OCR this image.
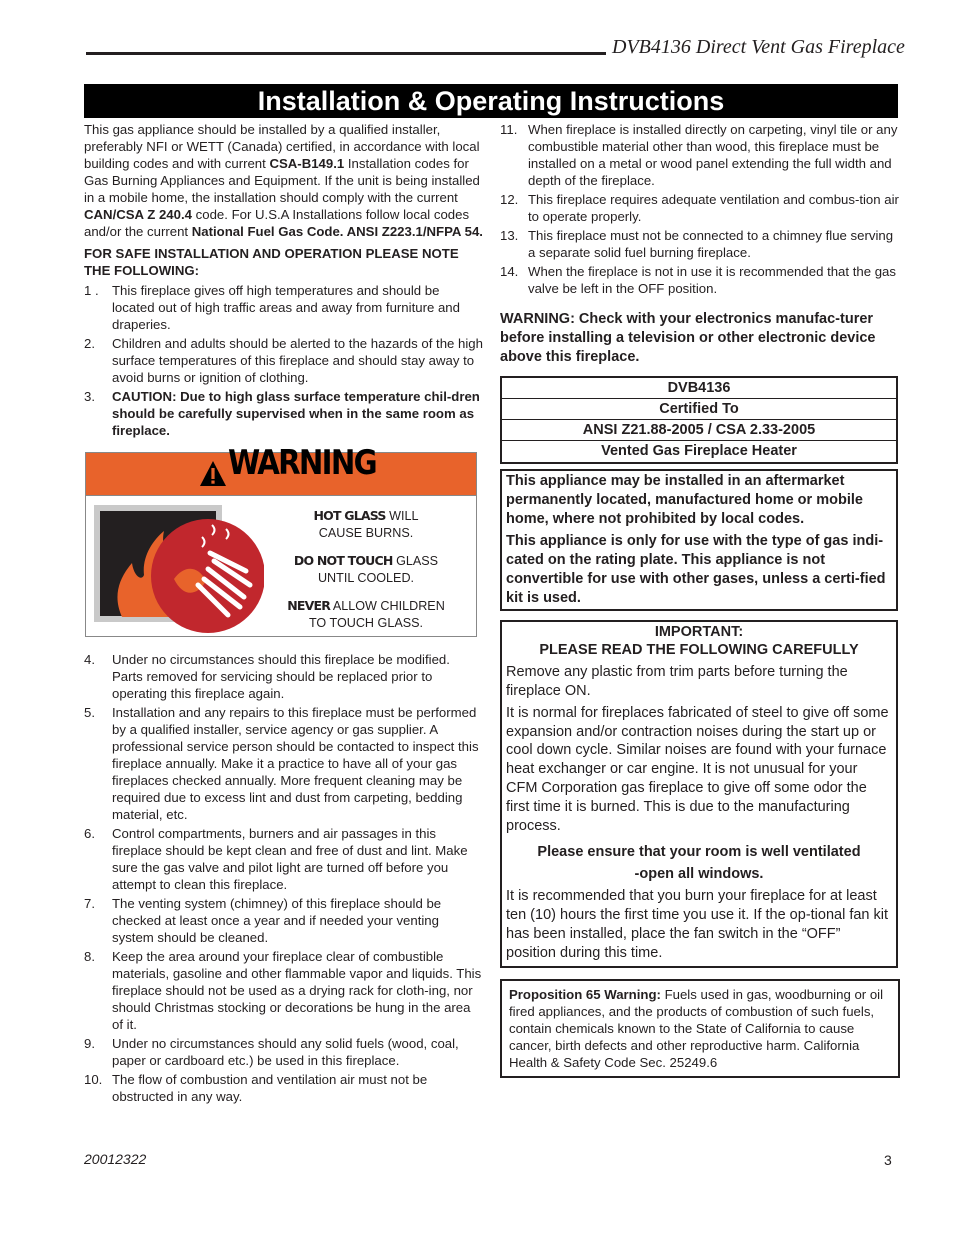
DVB4136 Direct Vent Gas Fireplace
Installation & Operating Instructions

This gas appliance should be installed by a qualified installer, preferably NFI or WETT (Canada) certified, in accordance with local building codes and with current CSA-B149.1 Installation codes for Gas Burning Appliances and Equipment. If the unit is being installed in a mobile home, the installation should comply with the current CAN/CSA Z 240.4 code. For U.S.A Installations follow local codes and/or the current National Fuel Gas Code. ANSI Z223.1/NFPA 54.

FOR SAFE INSTALLATION AND OPERATION PLEASE NOTE THE FOLLOWING:

1 . This fireplace gives off high temperatures and should be located out of high traffic areas and away from furniture and draperies.
2. Children and adults should be alerted to the hazards of the high surface temperatures of this fireplace and should stay away to avoid burns or ignition of clothing.
3. CAUTION: Due to high glass surface temperature chil-dren should be carefully supervised when in the same room as fireplace.
WARNING

HOT GLASS WILL
CAUSE BURNS.

DO NOT TOUCH GLASS
UNTIL COOLED.

NEVER ALLOW CHILDREN
TO TOUCH GLASS.

4. Under no circumstances should this fireplace be modified. Parts removed for servicing should be replaced prior to operating this fireplace again.
5. Installation and any repairs to this fireplace must be performed by a qualified installer, service agency or gas supplier. A professional service person should be contacted to inspect this fireplace annually. Make it a practice to have all of your gas fireplaces checked annually. More frequent cleaning may be required due to excess lint and dust from carpeting, bedding material, etc.
6. Control compartments, burners and air passages in this fireplace should be kept clean and free of dust and lint. Make sure the gas valve and pilot light are turned off before you attempt to clean this fireplace.
7. The venting system (chimney) of this fireplace should be checked at least once a year and if needed your venting system should be cleaned.
8. Keep the area around your fireplace clear of combustible materials, gasoline and other flammable vapor and liquids. This fireplace should not be used as a drying rack for cloth-ing, nor should Christmas stocking or decorations be hung in the area of it.
9. Under no circumstances should any solid fuels (wood, coal, paper or cardboard etc.) be used in this fireplace.
10. The flow of combustion and ventilation air must not be obstructed in any way.
11. When fireplace is installed directly on carpeting, vinyl tile or any combustible material other than wood, this fireplace must be installed on a metal or wood panel extending the full width and depth of the fireplace.
12. This fireplace requires adequate ventilation and combus-tion air to operate properly.
13. This fireplace must not be connected to a chimney flue serving a separate solid fuel burning fireplace.
14. When the fireplace is not in use it is recommended that the gas valve be left in the OFF position.

WARNING: Check with your electronics manufac-turer before installing a television or other electronic device above this fireplace.

DVB4136
Certified To
ANSI Z21.88-2005 / CSA 2.33-2005
Vented Gas Fireplace Heater

This appliance may be installed in an aftermarket permanently located, manufactured home or mobile home, where not prohibited by local codes.

This appliance is only for use with the type of gas indi-cated on the rating plate. This appliance is not convertible for use with other gases, unless a certi-fied kit is used.

IMPORTANT:
PLEASE READ THE FOLLOWING CAREFULLY

Remove any plastic from trim parts before turning the fireplace ON.

It is normal for fireplaces fabricated of steel to give off some expansion and/or contraction noises during the start up or cool down cycle. Similar noises are found with your furnace heat exchanger or car engine. It is not unusual for your CFM Corporation gas fireplace to give off some odor the first time it is burned. This is due to the manufacturing process.

Please ensure that your room is well ventilated
-open all windows.

It is recommended that you burn your fireplace for at least ten (10) hours the first time you use it. If the op-tional fan kit has been installed, place the fan switch in the “OFF” position during this time.

Proposition 65 Warning: Fuels used in gas, woodburning or oil fired appliances, and the products of combustion of such fuels, contain chemicals known to the State of California to cause cancer, birth defects and other reproductive harm. California Health & Safety Code Sec. 25249.6
20012322	3
